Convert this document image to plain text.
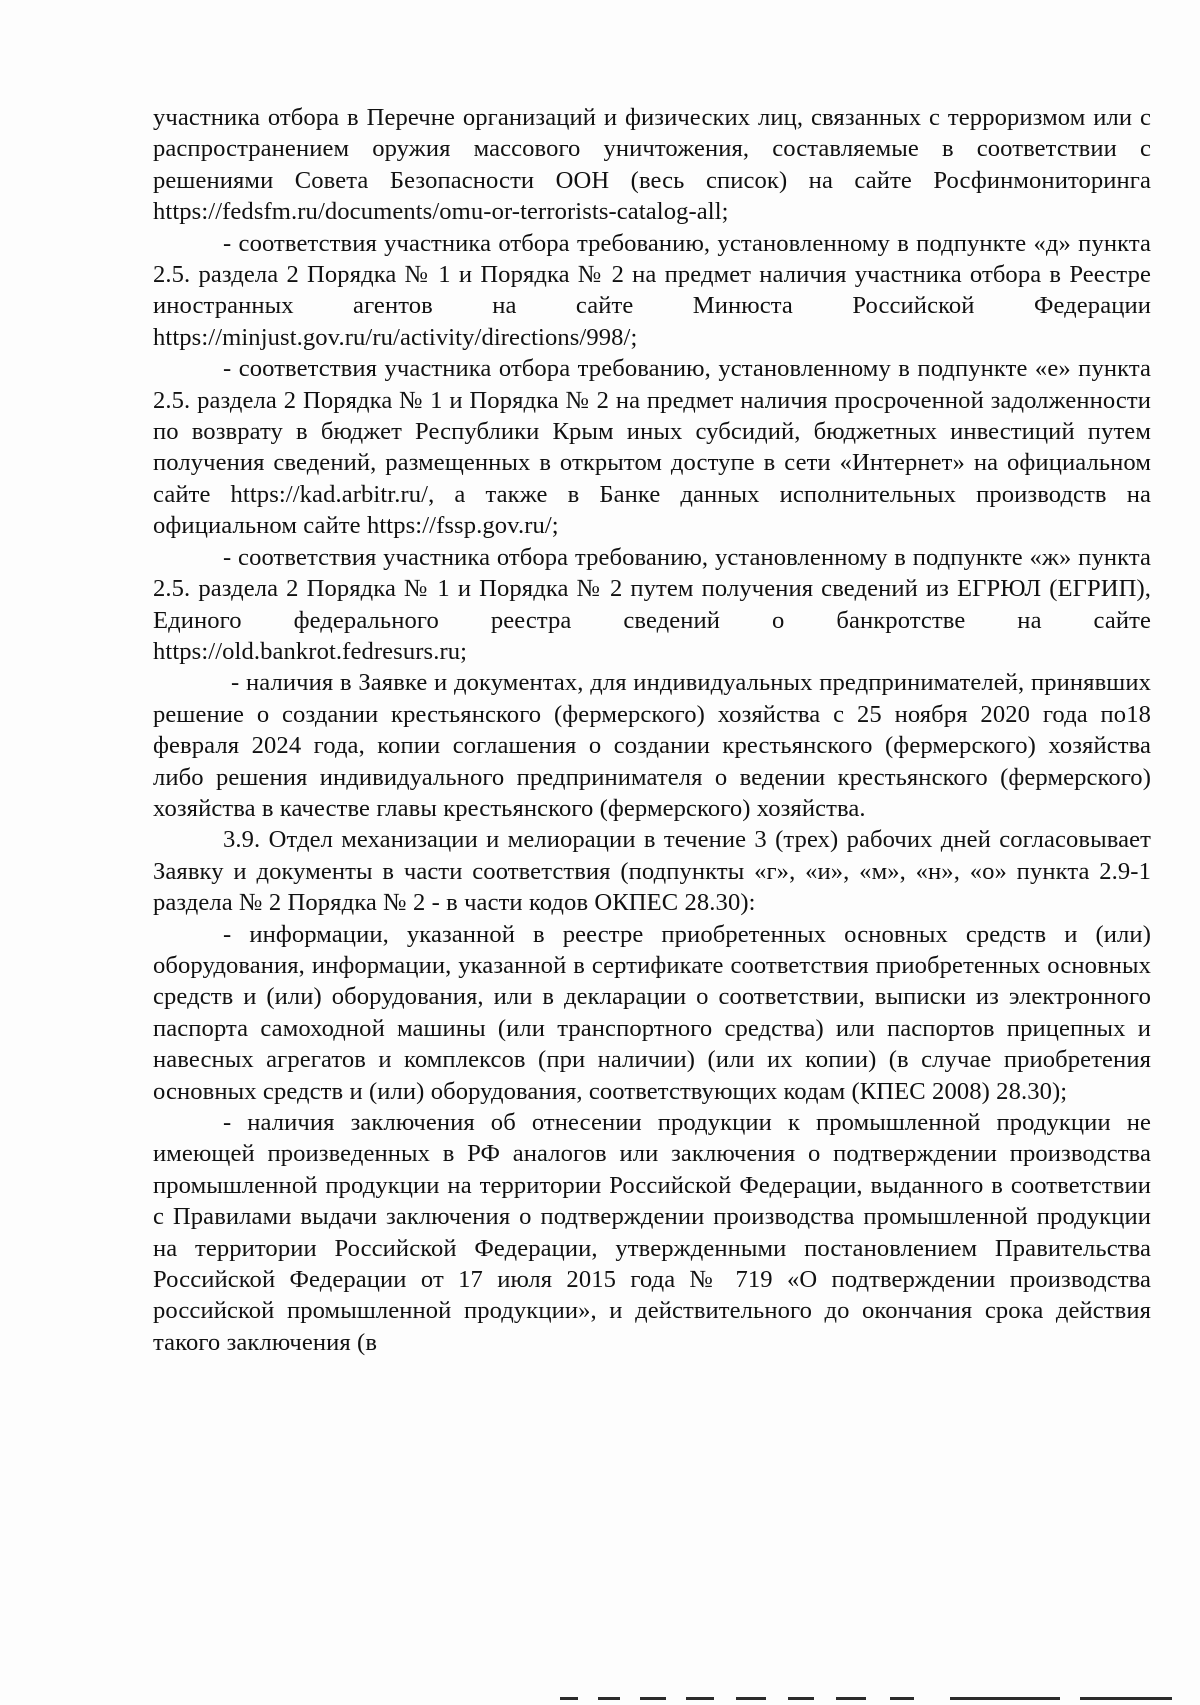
участника отбора в Перечне организаций и физических лиц, связанных с терроризмом или с распространением оружия массового уничтожения, составляемые в соответствии с решениями Совета Безопасности ООН (весь список) на сайте Росфинмониторинга https://fedsfm.ru/documents/omu-or-terrorists-catalog-all;

- соответствия участника отбора требованию, установленному в подпункте «д» пункта 2.5. раздела 2 Порядка № 1 и Порядка № 2 на предмет наличия участника отбора в Реестре иностранных агентов на сайте Минюста Российской Федерации https://minjust.gov.ru/ru/activity/directions/998/;

- соответствия участника отбора требованию, установленному в подпункте «е» пункта 2.5. раздела 2 Порядка № 1 и Порядка № 2 на предмет наличия просроченной задолженности по возврату в бюджет Республики Крым иных субсидий, бюджетных инвестиций путем получения сведений, размещенных в открытом доступе в сети «Интернет» на официальном сайте https://kad.arbitr.ru/, а также в Банке данных исполнительных производств на официальном сайте https://fssp.gov.ru/;

- соответствия участника отбора требованию, установленному в подпункте «ж» пункта 2.5. раздела 2 Порядка № 1 и Порядка № 2 путем получения сведений из ЕГРЮЛ (ЕГРИП), Единого федерального реестра сведений о банкротстве на сайте https://old.bankrot.fedresurs.ru;

- наличия в Заявке и документах, для индивидуальных предпринимателей, принявших решение о создании крестьянского (фермерского) хозяйства с 25 ноября 2020 года по18 февраля 2024 года, копии соглашения о создании крестьянского (фермерского) хозяйства либо решения индивидуального предпринимателя о ведении крестьянского (фермерского) хозяйства в качестве главы крестьянского (фермерского) хозяйства.

3.9. Отдел механизации и мелиорации в течение 3 (трех) рабочих дней согласовывает Заявку и документы в части соответствия (подпункты «г», «и», «м», «н», «о» пункта 2.9-1 раздела № 2 Порядка № 2 - в части кодов ОКПЕС 28.30):

- информации, указанной в реестре приобретенных основных средств и (или) оборудования, информации, указанной в сертификате соответствия приобретенных основных средств и (или) оборудования, или в декларации о соответствии, выписки из электронного паспорта самоходной машины (или транспортного средства) или паспортов прицепных и навесных агрегатов и комплексов (при наличии) (или их копии) (в случае приобретения основных средств и (или) оборудования, соответствующих кодам (КПЕС 2008) 28.30);

- наличия заключения об отнесении продукции к промышленной продукции не имеющей произведенных в РФ аналогов или заключения о подтверждении производства промышленной продукции на территории Российской Федерации, выданного в соответствии с Правилами выдачи заключения о подтверждении производства промышленной продукции на территории Российской Федерации, утвержденными постановлением Правительства Российской Федерации от 17 июля 2015 года № 719 «О подтверждении производства российской промышленной продукции», и действительного до окончания срока действия такого заключения (в
